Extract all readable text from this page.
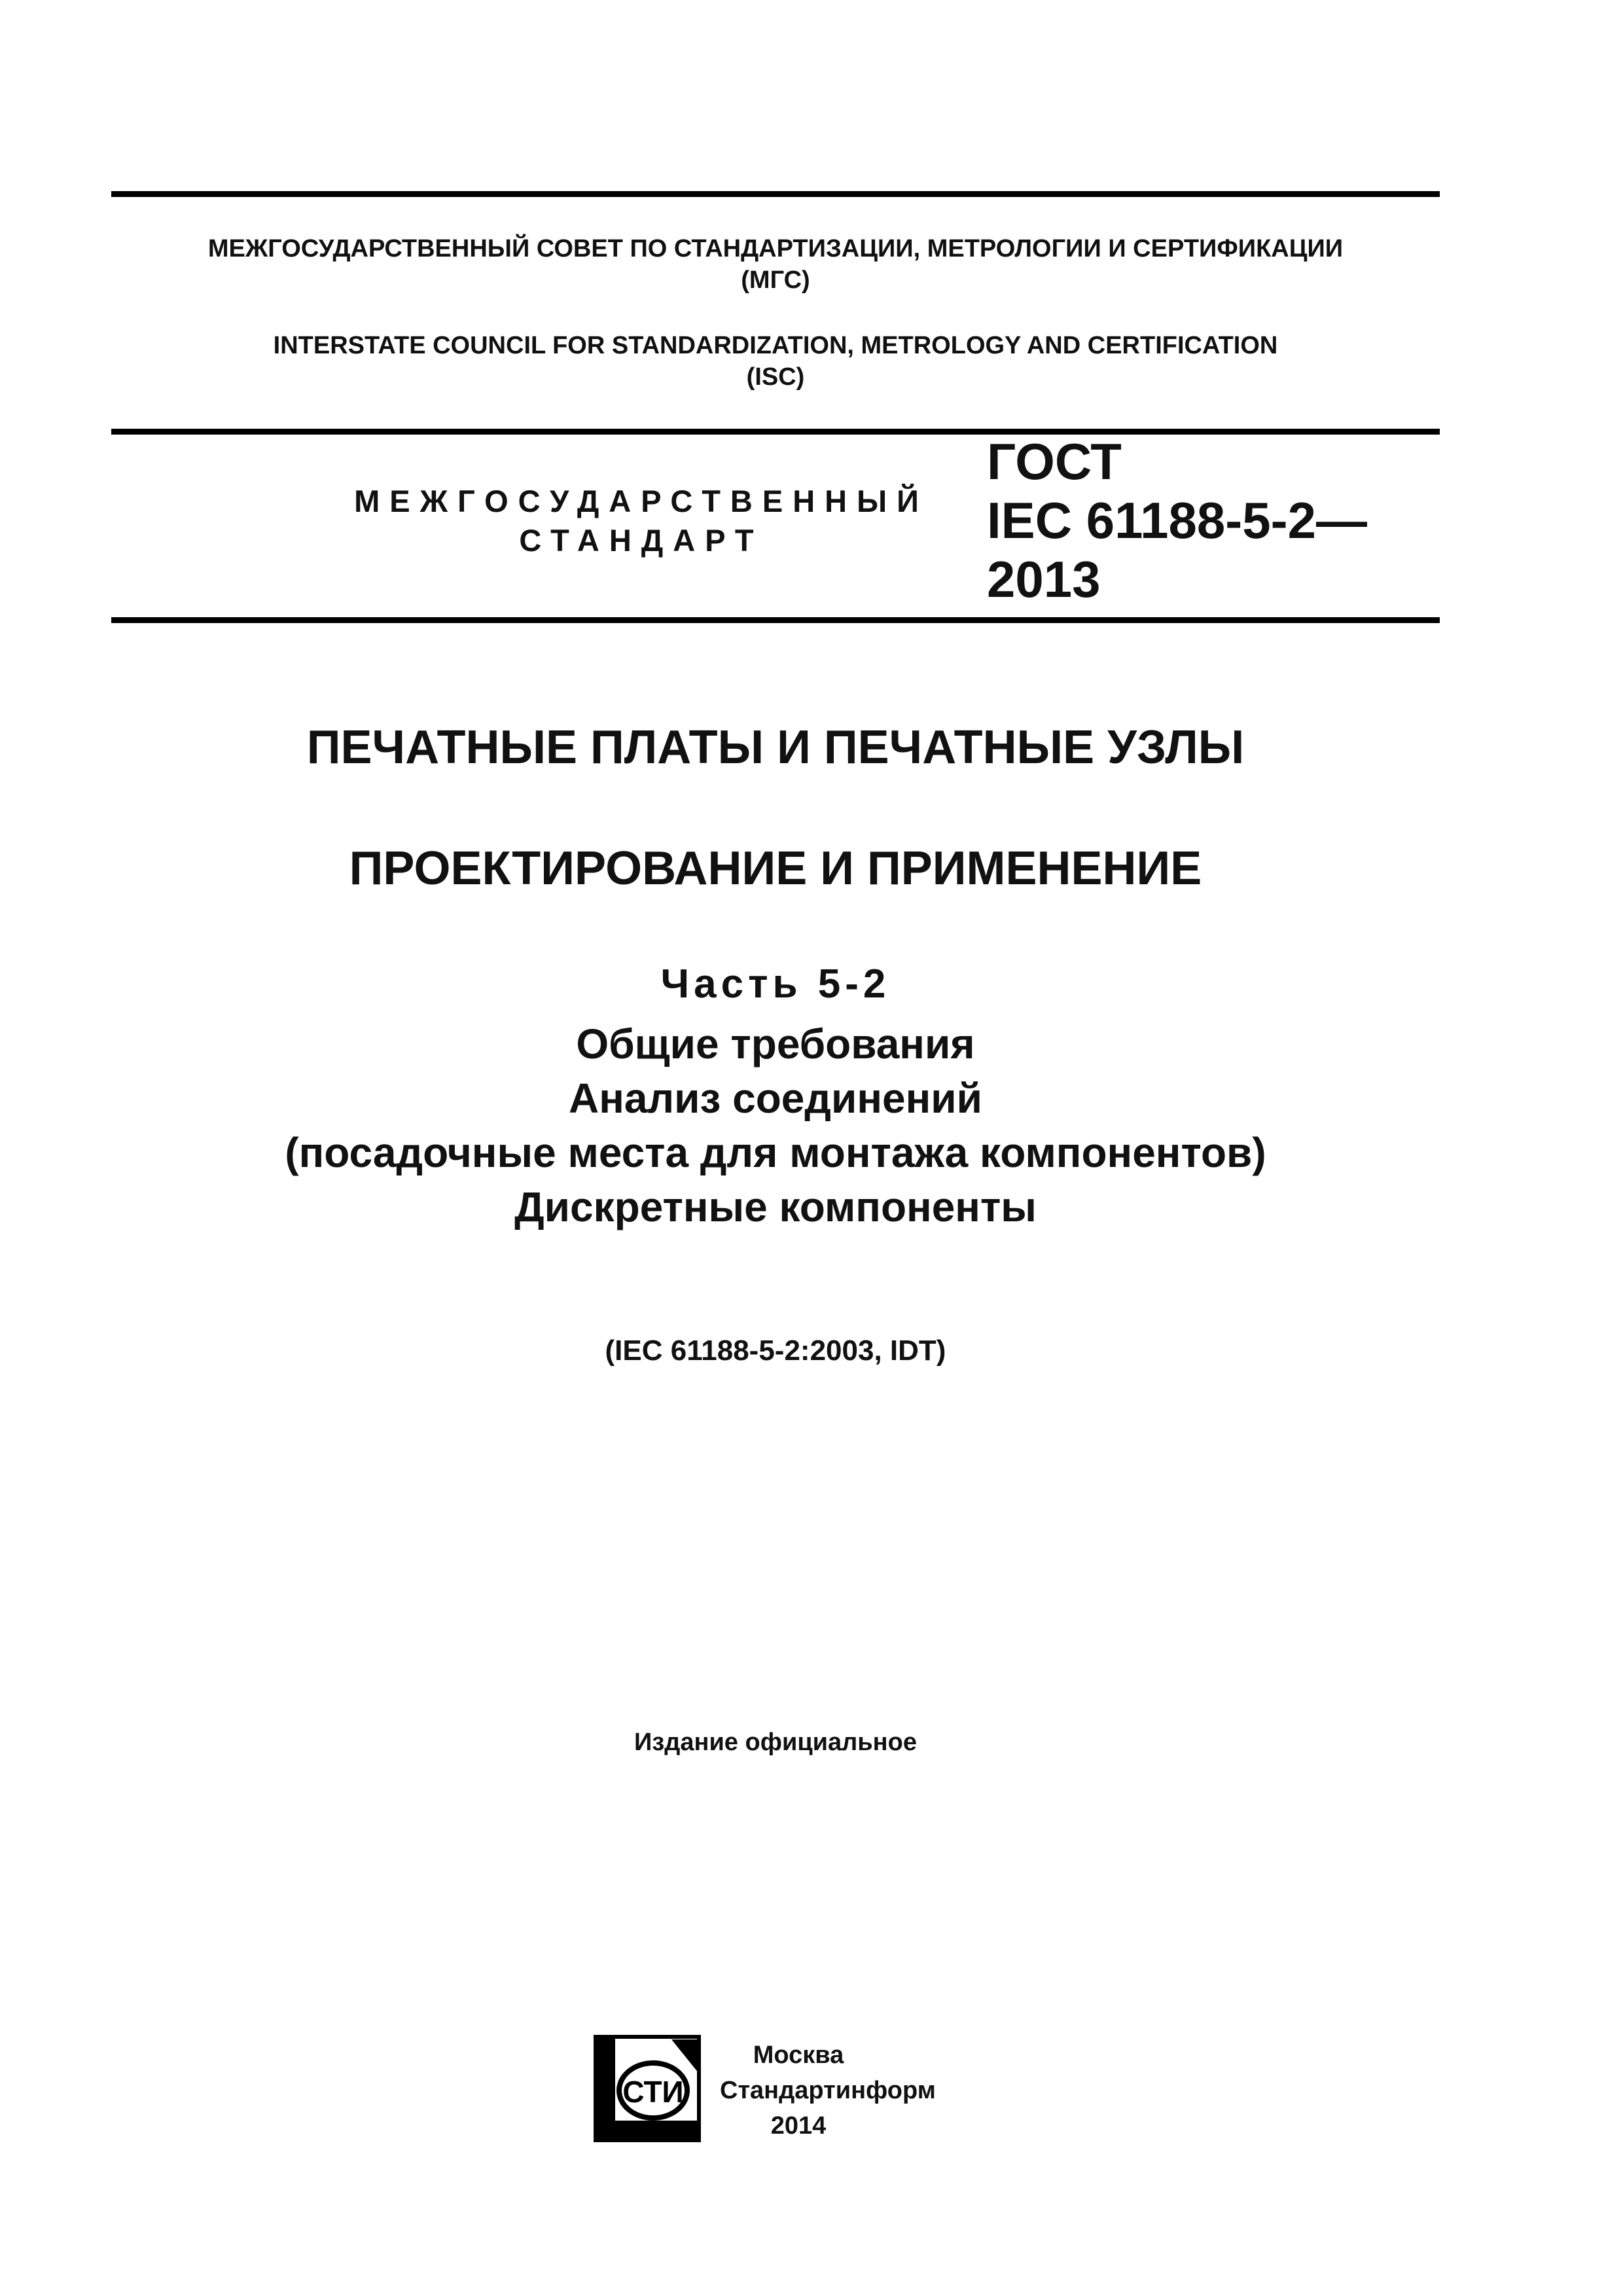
МЕЖГОСУДАРСТВЕННЫЙ СОВЕТ ПО СТАНДАРТИЗАЦИИ, МЕТРОЛОГИИ И СЕРТИФИКАЦИИ
(МГС)
INTERSTATE COUNCIL FOR STANDARDIZATION, METROLOGY AND CERTIFICATION
(ISC)
МЕЖГОСУДАРСТВЕННЫЙ
СТАНДАРТ
ГОСТ
IEC 61188-5-2—
2013
ПЕЧАТНЫЕ ПЛАТЫ И ПЕЧАТНЫЕ УЗЛЫ
ПРОЕКТИРОВАНИЕ И ПРИМЕНЕНИЕ
Часть 5-2
Общие требования
Анализ соединений
(посадочные места для монтажа компонентов)
Дискретные компоненты
(IEC 61188-5-2:2003, IDT)
Издание официальное
СТИ
Москва
Стандартинформ
2014
